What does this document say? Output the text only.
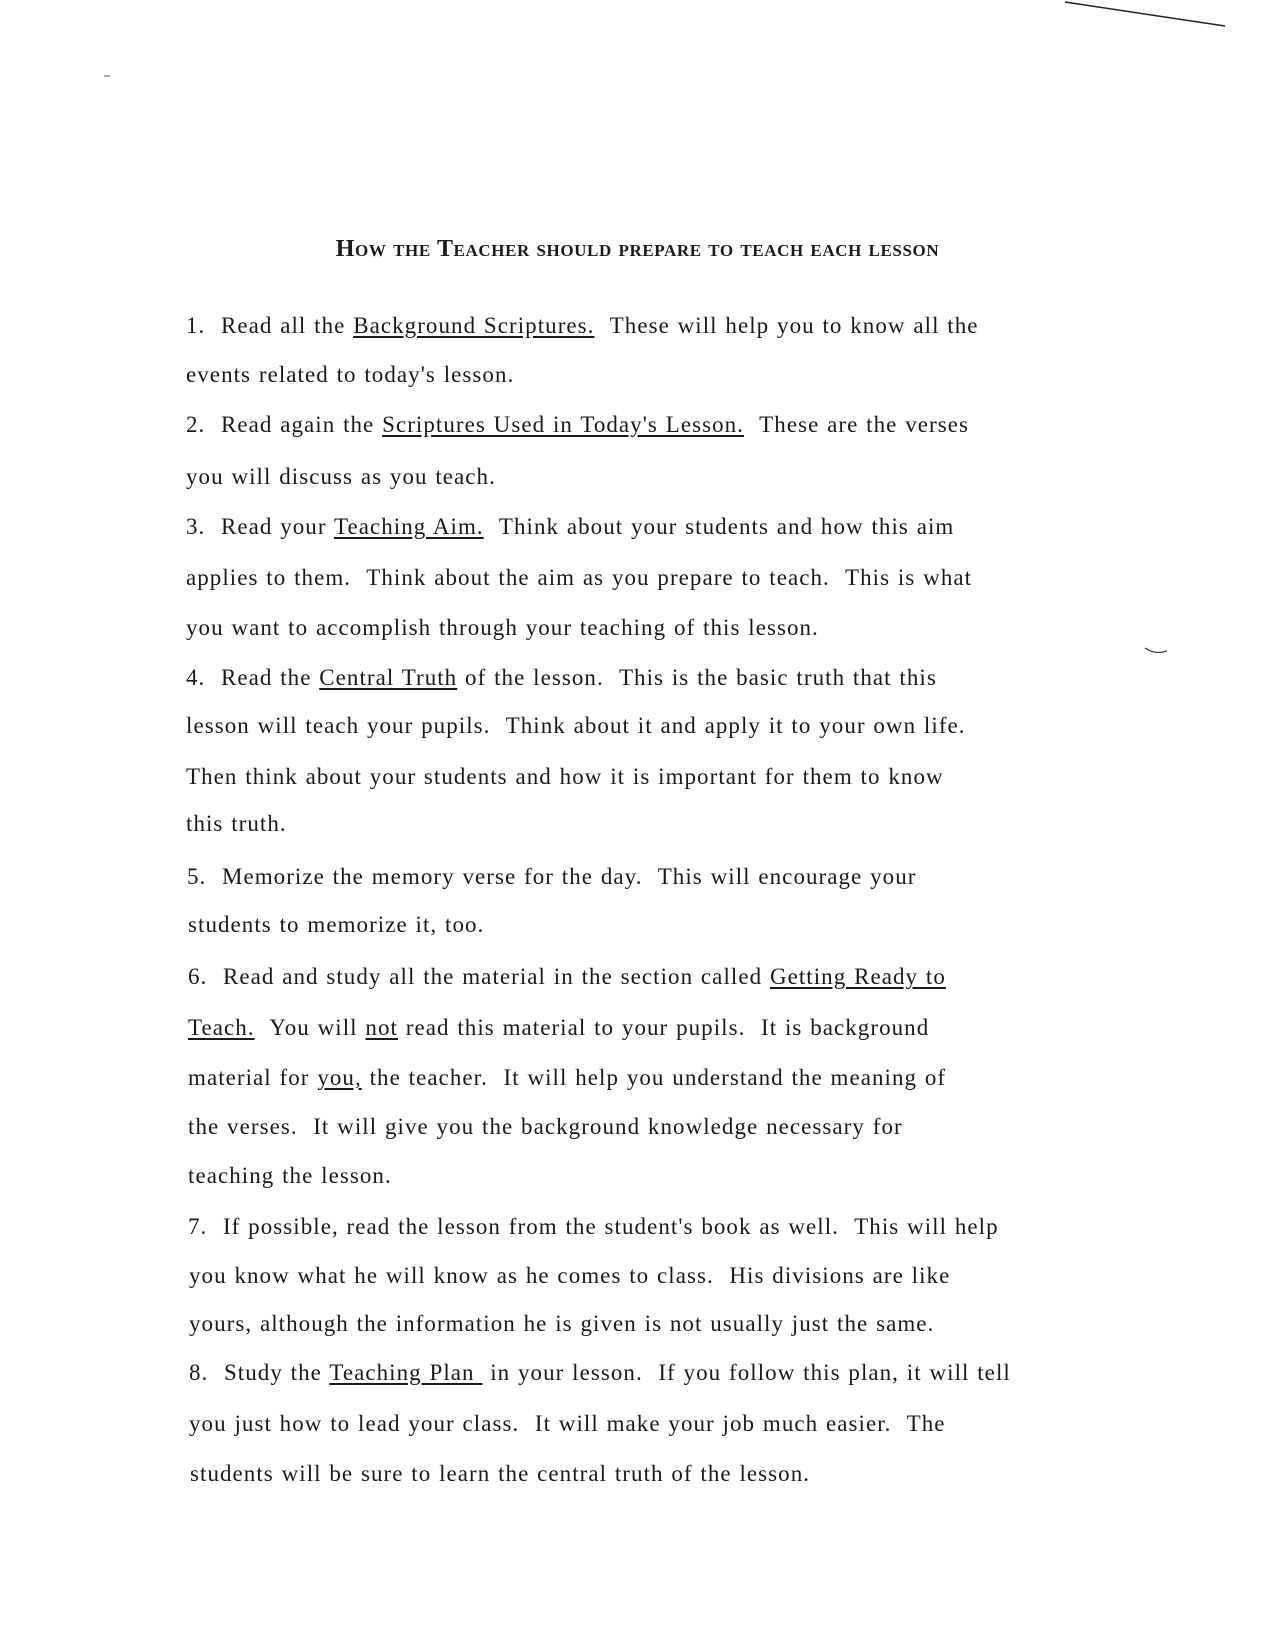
How the Teacher should prepare to teach each lesson
1.  Read all the Background Scriptures.  These will help you to know all the
events related to today's lesson.
2.  Read again the Scriptures Used in Today's Lesson.  These are the verses
you will discuss as you teach.
3.  Read your Teaching Aim.  Think about your students and how this aim
applies to them.  Think about the aim as you prepare to teach.  This is what
you want to accomplish through your teaching of this lesson.
4.  Read the Central Truth of the lesson.  This is the basic truth that this
lesson will teach your pupils.  Think about it and apply it to your own life.
Then think about your students and how it is important for them to know
this truth.
5.  Memorize the memory verse for the day.  This will encourage your
students to memorize it, too.
6.  Read and study all the material in the section called Getting Ready to
Teach.  You will not read this material to your pupils.  It is background
material for you, the teacher.  It will help you understand the meaning of
the verses.  It will give you the background knowledge necessary for
teaching the lesson.
7.  If possible, read the lesson from the student's book as well.  This will help
you know what he will know as he comes to class.  His divisions are like
yours, although the information he is given is not usually just the same.
8.  Study the Teaching Plan  in your lesson.  If you follow this plan, it will tell
you just how to lead your class.  It will make your job much easier.  The
students will be sure to learn the central truth of the lesson.
